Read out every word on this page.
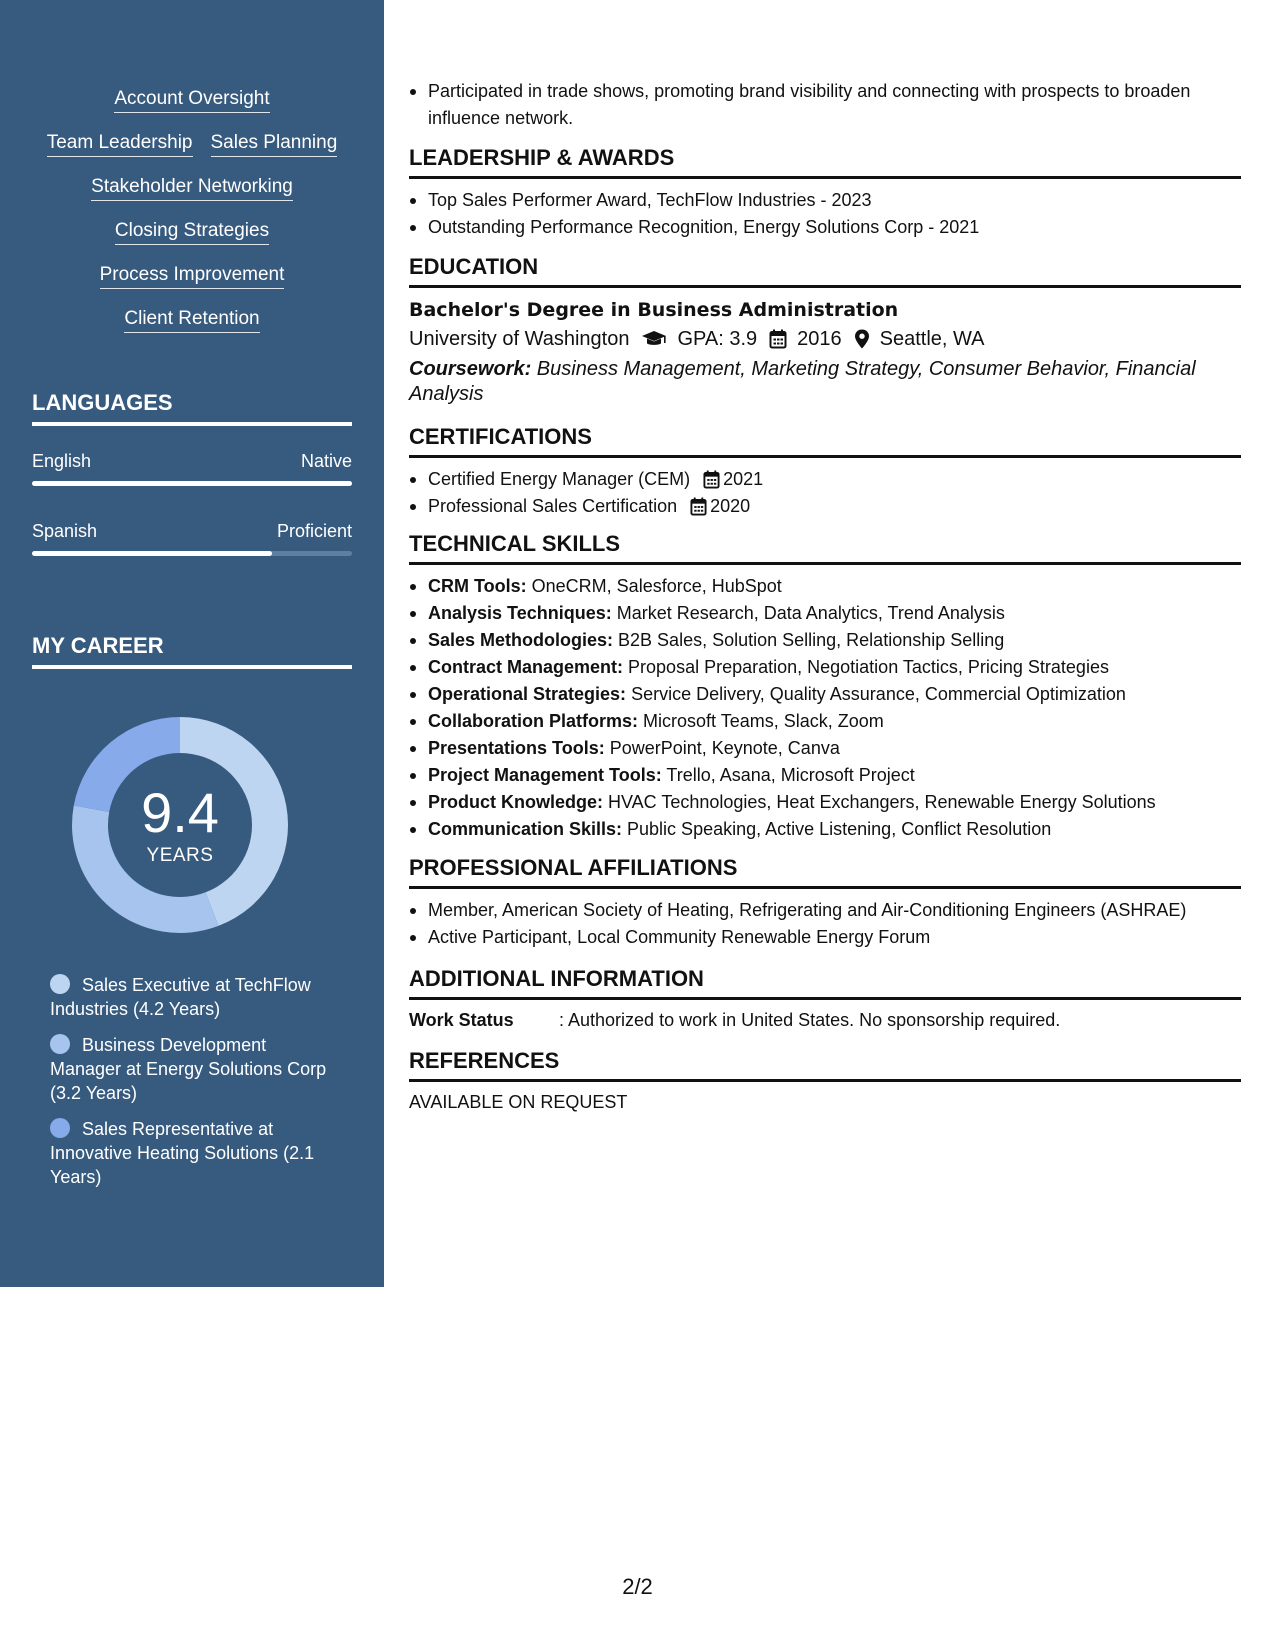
Account Oversight
Team Leadership Sales Planning
Stakeholder Networking
Closing Strategies
Process Improvement
Client Retention
LANGUAGES
English	Native
Spanish	Proficient
MY CAREER
9.4
YEARS
Sales Executive at TechFlow Industries (4.2 Years)
Business Development Manager at Energy Solutions Corp (3.2 Years)
Sales Representative at Innovative Heating Solutions (2.1 Years)
Participated in trade shows, promoting brand visibility and connecting with prospects to broaden influence network.
LEADERSHIP & AWARDS
Top Sales Performer Award, TechFlow Industries - 2023
Outstanding Performance Recognition, Energy Solutions Corp - 2021
EDUCATION
Bachelor's Degree in Business Administration
University of Washington GPA: 3.9 2016 Seattle, WA
Coursework: Business Management, Marketing Strategy, Consumer Behavior, Financial Analysis
CERTIFICATIONS
Certified Energy Manager (CEM) 2021
Professional Sales Certification 2020
TECHNICAL SKILLS
CRM Tools: OneCRM, Salesforce, HubSpot
Analysis Techniques: Market Research, Data Analytics, Trend Analysis
Sales Methodologies: B2B Sales, Solution Selling, Relationship Selling
Contract Management: Proposal Preparation, Negotiation Tactics, Pricing Strategies
Operational Strategies: Service Delivery, Quality Assurance, Commercial Optimization
Collaboration Platforms: Microsoft Teams, Slack, Zoom
Presentations Tools: PowerPoint, Keynote, Canva
Project Management Tools: Trello, Asana, Microsoft Project
Product Knowledge: HVAC Technologies, Heat Exchangers, Renewable Energy Solutions
Communication Skills: Public Speaking, Active Listening, Conflict Resolution
PROFESSIONAL AFFILIATIONS
Member, American Society of Heating, Refrigerating and Air-Conditioning Engineers (ASHRAE)
Active Participant, Local Community Renewable Energy Forum
ADDITIONAL INFORMATION
Work Status	: Authorized to work in United States. No sponsorship required.
REFERENCES
AVAILABLE ON REQUEST
2/2
